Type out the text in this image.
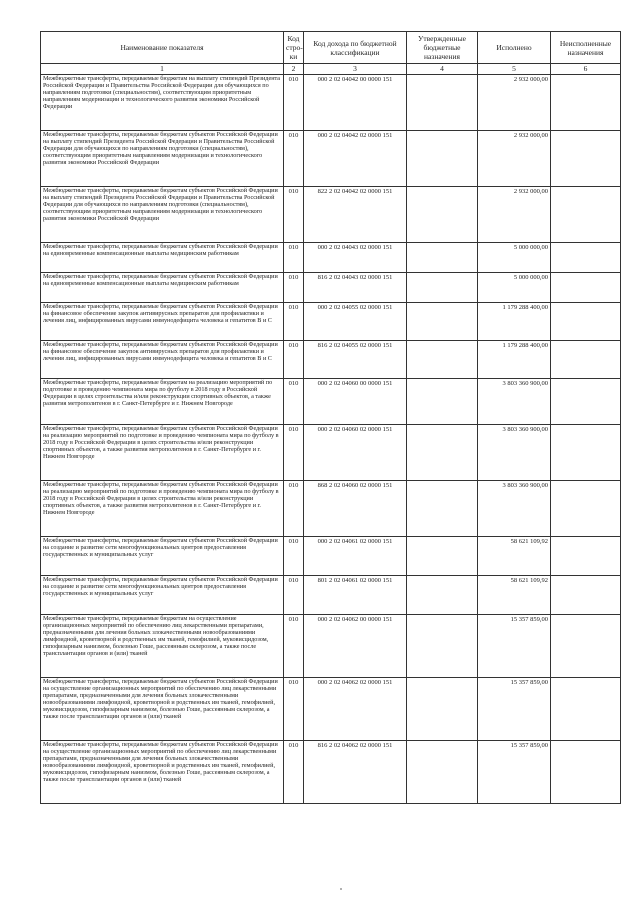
Наименование показателя	Код стро-ки	Код дохода по бюджетной классификации	Утвержденные бюджетные назначения	Исполнено	Неисполненные назначения
1	2	3	4	5	6
Межбюджетные трансферты, передаваемые бюджетам на выплату стипендий Президента Российской Федерации и Правительства Российской Федерации для обучающихся по направлениям подготовки (специальностям), соответствующим приоритетным направлениям модернизации и технологического развития экономики Российской Федерации	010	000 2 02 04042 00 0000 151		2 932 000,00	
Межбюджетные трансферты, передаваемые бюджетам субъектов Российской Федерации на выплату стипендий Президента Российской Федерации и Правительства Российской Федерации для обучающихся по направлениям подготовки (специальностям), соответствующим приоритетным направлениям модернизации и технологического развития экономики Российской Федерации	010	000 2 02 04042 02 0000 151		2 932 000,00	
Межбюджетные трансферты, передаваемые бюджетам субъектов Российской Федерации на выплату стипендий Президента Российской Федерации и Правительства Российской Федерации для обучающихся по направлениям подготовки (специальностям), соответствующим приоритетным направлениям модернизации и технологического развития экономики Российской Федерации	010	822 2 02 04042 02 0000 151		2 932 000,00	
Межбюджетные трансферты, передаваемые бюджетам субъектов Российской Федерации на единовременные компенсационные выплаты медицинским работникам	010	000 2 02 04043 02 0000 151		5 000 000,00	
Межбюджетные трансферты, передаваемые бюджетам субъектов Российской Федерации на единовременные компенсационные выплаты медицинским работникам	010	816 2 02 04043 02 0000 151		5 000 000,00	
Межбюджетные трансферты, передаваемые бюджетам субъектов Российской Федерации на финансовое обеспечение закупок антивирусных препаратов для профилактики и лечения лиц, инфицированных вирусами иммунодефицита человека и гепатитов В и С	010	000 2 02 04055 02 0000 151		1 179 288 400,00	
Межбюджетные трансферты, передаваемые бюджетам субъектов Российской Федерации на финансовое обеспечение закупок антивирусных препаратов для профилактики и лечения лиц, инфицированных вирусами иммунодефицита человека и гепатитов В и С	010	816 2 02 04055 02 0000 151		1 179 288 400,00	
Межбюджетные трансферты, передаваемые бюджетам на реализацию мероприятий по подготовке и проведению чемпионата мира по футболу в 2018 году в Российской Федерации в целях строительства и/или реконструкции спортивных объектов, а также развития метрополитенов в г. Санкт-Петербурге и г. Нижнем Новгороде	010	000 2 02 04060 00 0000 151		3 803 360 900,00	
Межбюджетные трансферты, передаваемые бюджетам субъектов Российской Федерации на реализацию мероприятий по подготовке и проведению чемпионата мира по футболу в 2018 году в Российской Федерации в целях строительства и/или реконструкции спортивных объектов, а также развития метрополитенов в г. Санкт-Петербурге и г. Нижнем Новгороде	010	000 2 02 04060 02 0000 151		3 803 360 900,00	
Межбюджетные трансферты, передаваемые бюджетам субъектов Российской Федерации на реализацию мероприятий по подготовке и проведению чемпионата мира по футболу в 2018 году в Российской Федерации в целях строительства и/или реконструкции спортивных объектов, а также развития метрополитенов в г. Санкт-Петербурге и г. Нижнем Новгороде	010	868 2 02 04060 02 0000 151		3 803 360 900,00	
Межбюджетные трансферты, передаваемые бюджетам субъектов Российской Федерации на создание и развитие сети многофункциональных центров предоставления государственных и муниципальных услуг	010	000 2 02 04061 02 0000 151		58 621 109,92	
Межбюджетные трансферты, передаваемые бюджетам субъектов Российской Федерации на создание и развитие сети многофункциональных центров предоставления государственных и муниципальных услуг	010	801 2 02 04061 02 0000 151		58 621 109,92	
Межбюджетные трансферты, передаваемые бюджетам на осуществление организационных мероприятий по обеспечению лиц лекарственными препаратами, предназначенными для лечения больных злокачественными новообразованиями лимфоидной, кроветворной и родственных им тканей, гемофилией, муковисцидозом, гипофизарным нанизмом, болезнью Гоше, рассеянным склерозом, а также после трансплантации органов и (или) тканей	010	000 2 02 04062 00 0000 151		15 357 859,00	
Межбюджетные трансферты, передаваемые бюджетам субъектов Российской Федерации на осуществление организационных мероприятий по обеспечению лиц лекарственными препаратами, предназначенными для лечения больных злокачественными новообразованиями лимфоидной, кроветворной и родственных им тканей, гемофилией, муковисцидозом, гипофизарным нанизмом, болезнью Гоше, рассеянным склерозом, а также после трансплантации органов и (или) тканей	010	000 2 02 04062 02 0000 151		15 357 859,00	
Межбюджетные трансферты, передаваемые бюджетам субъектов Российской Федерации на осуществление организационных мероприятий по обеспечению лиц лекарственными препаратами, предназначенными для лечения больных злокачественными новообразованиями лимфоидной, кроветворной и родственных им тканей, гемофилией, муковисцидозом, гипофизарным нанизмом, болезнью Гоше, рассеянным склерозом, а также после трансплантации органов и (или) тканей	010	816 2 02 04062 02 0000 151		15 357 859,00	
